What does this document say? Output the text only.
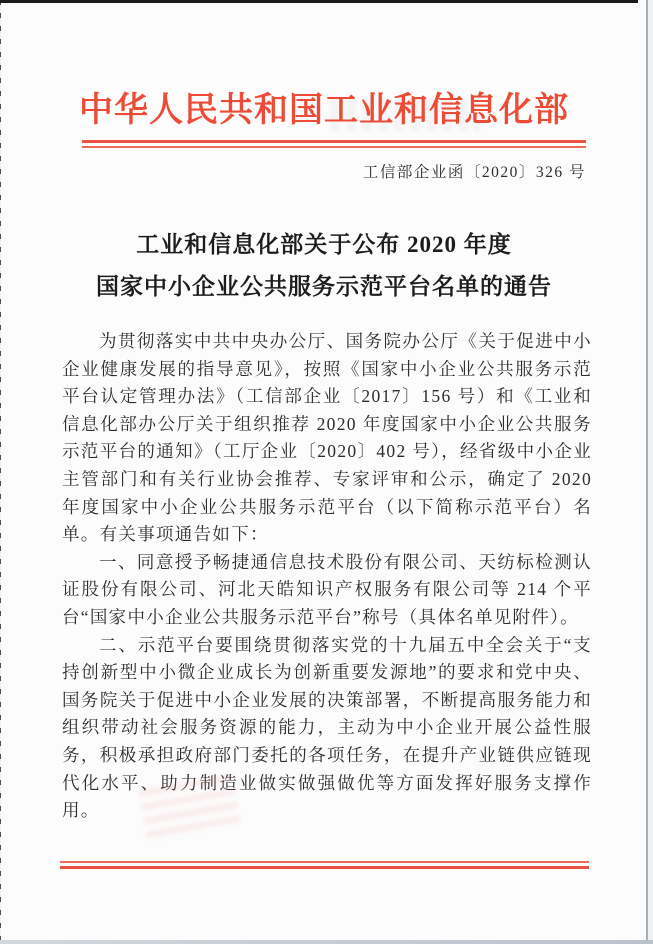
中华人民共和国工业和信息化部
工信部企业函〔2020〕326 号
工业和信息化部关于公布 2020 年度
国家中小企业公共服务示范平台名单的通告

为贯彻落实中共中央办公厅、国务院办公厅《关于促进中小企业健康发展的指导意见》，按照《国家中小企业公共服务示范平台认定管理办法》（工信部企业〔2017〕156 号）和《工业和信息化部办公厅关于组织推荐 2020 年度国家中小企业公共服务示范平台的通知》（工厅企业〔2020〕402 号），经省级中小企业主管部门和有关行业协会推荐、专家评审和公示，确定了 2020 年度国家中小企业公共服务示范平台（以下简称示范平台）名单。有关事项通告如下：

一、同意授予畅捷通信息技术股份有限公司、天纺标检测认证股份有限公司、河北天皓知识产权服务有限公司等 214 个平台“国家中小企业公共服务示范平台”称号（具体名单见附件）。

二、示范平台要围绕贯彻落实党的十九届五中全会关于“支持创新型中小微企业成长为创新重要发源地”的要求和党中央、国务院关于促进中小企业发展的决策部署，不断提高服务能力和组织带动社会服务资源的能力，主动为中小企业开展公益性服务，积极承担政府部门委托的各项任务，在提升产业链供应链现代化水平、助力制造业做实做强做优等方面发挥好服务支撑作用。
